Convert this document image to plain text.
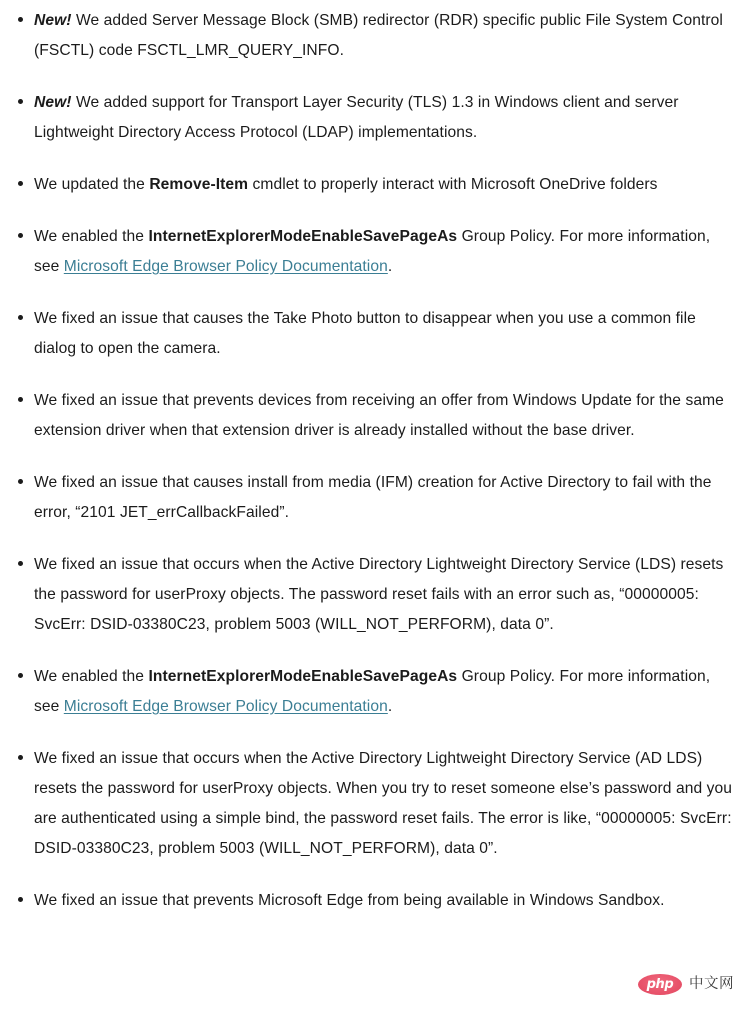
New! We added Server Message Block (SMB) redirector (RDR) specific public File System Control (FSCTL) code FSCTL_LMR_QUERY_INFO.
New! We added support for Transport Layer Security (TLS) 1.3 in Windows client and server Lightweight Directory Access Protocol (LDAP) implementations.
We updated the Remove-Item cmdlet to properly interact with Microsoft OneDrive folders
We enabled the InternetExplorerModeEnableSavePageAs Group Policy. For more information, see Microsoft Edge Browser Policy Documentation.
We fixed an issue that causes the Take Photo button to disappear when you use a common file dialog to open the camera.
We fixed an issue that prevents devices from receiving an offer from Windows Update for the same extension driver when that extension driver is already installed without the base driver.
We fixed an issue that causes install from media (IFM) creation for Active Directory to fail with the error, “2101 JET_errCallbackFailed”.
We fixed an issue that occurs when the Active Directory Lightweight Directory Service (LDS) resets the password for userProxy objects. The password reset fails with an error such as, “00000005: SvcErr: DSID-03380C23, problem 5003 (WILL_NOT_PERFORM), data 0”.
We enabled the InternetExplorerModeEnableSavePageAs Group Policy. For more information, see Microsoft Edge Browser Policy Documentation.
We fixed an issue that occurs when the Active Directory Lightweight Directory Service (AD LDS) resets the password for userProxy objects. When you try to reset someone else’s password and you are authenticated using a simple bind, the password reset fails. The error is like, “00000005: SvcErr: DSID-03380C23, problem 5003 (WILL_NOT_PERFORM), data 0”.
We fixed an issue that prevents Microsoft Edge from being available in Windows Sandbox.
php	中文网
